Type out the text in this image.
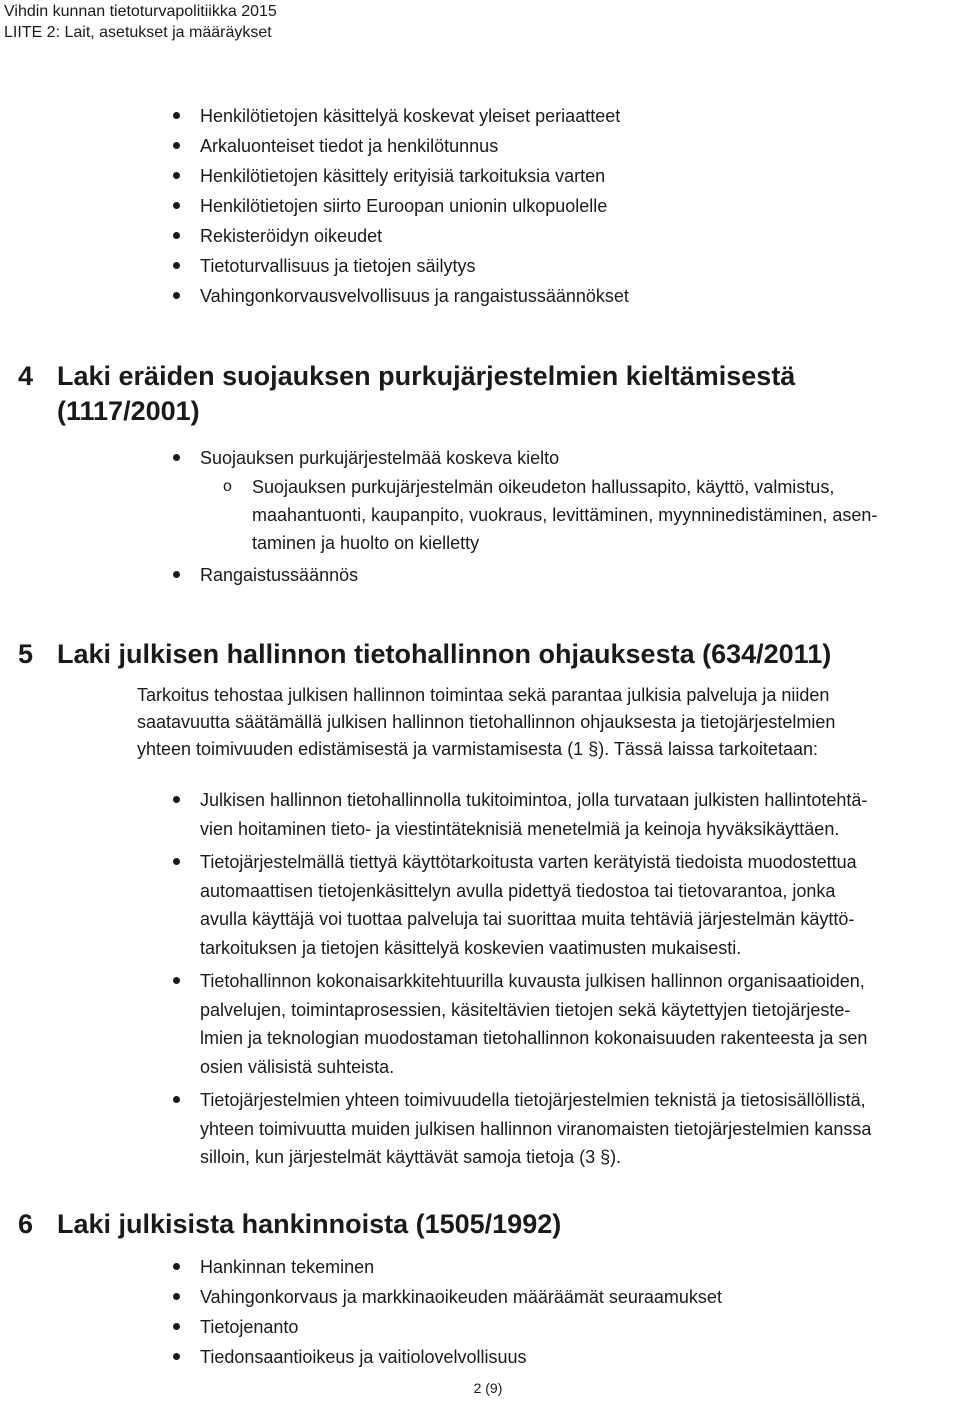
Vihdin kunnan tietoturvapolitiikka 2015
LIITE 2: Lait, asetukset ja määräykset
Henkilötietojen käsittelyä koskevat yleiset periaatteet
Arkaluonteiset tiedot ja henkilötunnus
Henkilötietojen käsittely erityisiä tarkoituksia varten
Henkilötietojen siirto Euroopan unionin ulkopuolelle
Rekisteröidyn oikeudet
Tietoturvallisuus ja tietojen säilytys
Vahingonkorvausvelvollisuus ja rangaistussäännökset
4 Laki eräiden suojauksen purkujärjestelmien kieltämisestä
(1117/2001)
Suojauksen purkujärjestelmää koskeva kielto
o Suojauksen purkujärjestelmän oikeudeton hallussapito, käyttö, valmistus,
maahantuonti, kaupanpito, vuokraus, levittäminen, myynninedistäminen, asen-
taminen ja huolto on kielletty
Rangaistussäännös
5 Laki julkisen hallinnon tietohallinnon ohjauksesta (634/2011)
Tarkoitus tehostaa julkisen hallinnon toimintaa sekä parantaa julkisia palveluja ja niiden
saatavuutta säätämällä julkisen hallinnon tietohallinnon ohjauksesta ja tietojärjestelmien
yhteen toimivuuden edistämisestä ja varmistamisesta (1 §). Tässä laissa tarkoitetaan:
Julkisen hallinnon tietohallinnolla tukitoimintoa, jolla turvataan julkisten hallintotehtä-
vien hoitaminen tieto- ja viestintäteknisiä menetelmiä ja keinoja hyväksikäyttäen.
Tietojärjestelmällä tiettyä käyttötarkoitusta varten kerätyistä tiedoista muodostettua
automaattisen tietojenkäsittelyn avulla pidettyä tiedostoa tai tietovarantoa, jonka
avulla käyttäjä voi tuottaa palveluja tai suorittaa muita tehtäviä järjestelmän käyttö-
tarkoituksen ja tietojen käsittelyä koskevien vaatimusten mukaisesti.
Tietohallinnon kokonaisarkkitehtuurilla kuvausta julkisen hallinnon organisaatioiden,
palvelujen, toimintaprosessien, käsiteltävien tietojen sekä käytettyjen tietojärjeste-
lmien ja teknologian muodostaman tietohallinnon kokonaisuuden rakenteesta ja sen
osien välisistä suhteista.
Tietojärjestelmien yhteen toimivuudella tietojärjestelmien teknistä ja tietosisällöllistä,
yhteen toimivuutta muiden julkisen hallinnon viranomaisten tietojärjestelmien kanssa
silloin, kun järjestelmät käyttävät samoja tietoja (3 §).
6 Laki julkisista hankinnoista (1505/1992)
Hankinnan tekeminen
Vahingonkorvaus ja markkinaoikeuden määräämät seuraamukset
Tietojenanto
Tiedonsaantioikeus ja vaitiolovelvollisuus
2 (9)
